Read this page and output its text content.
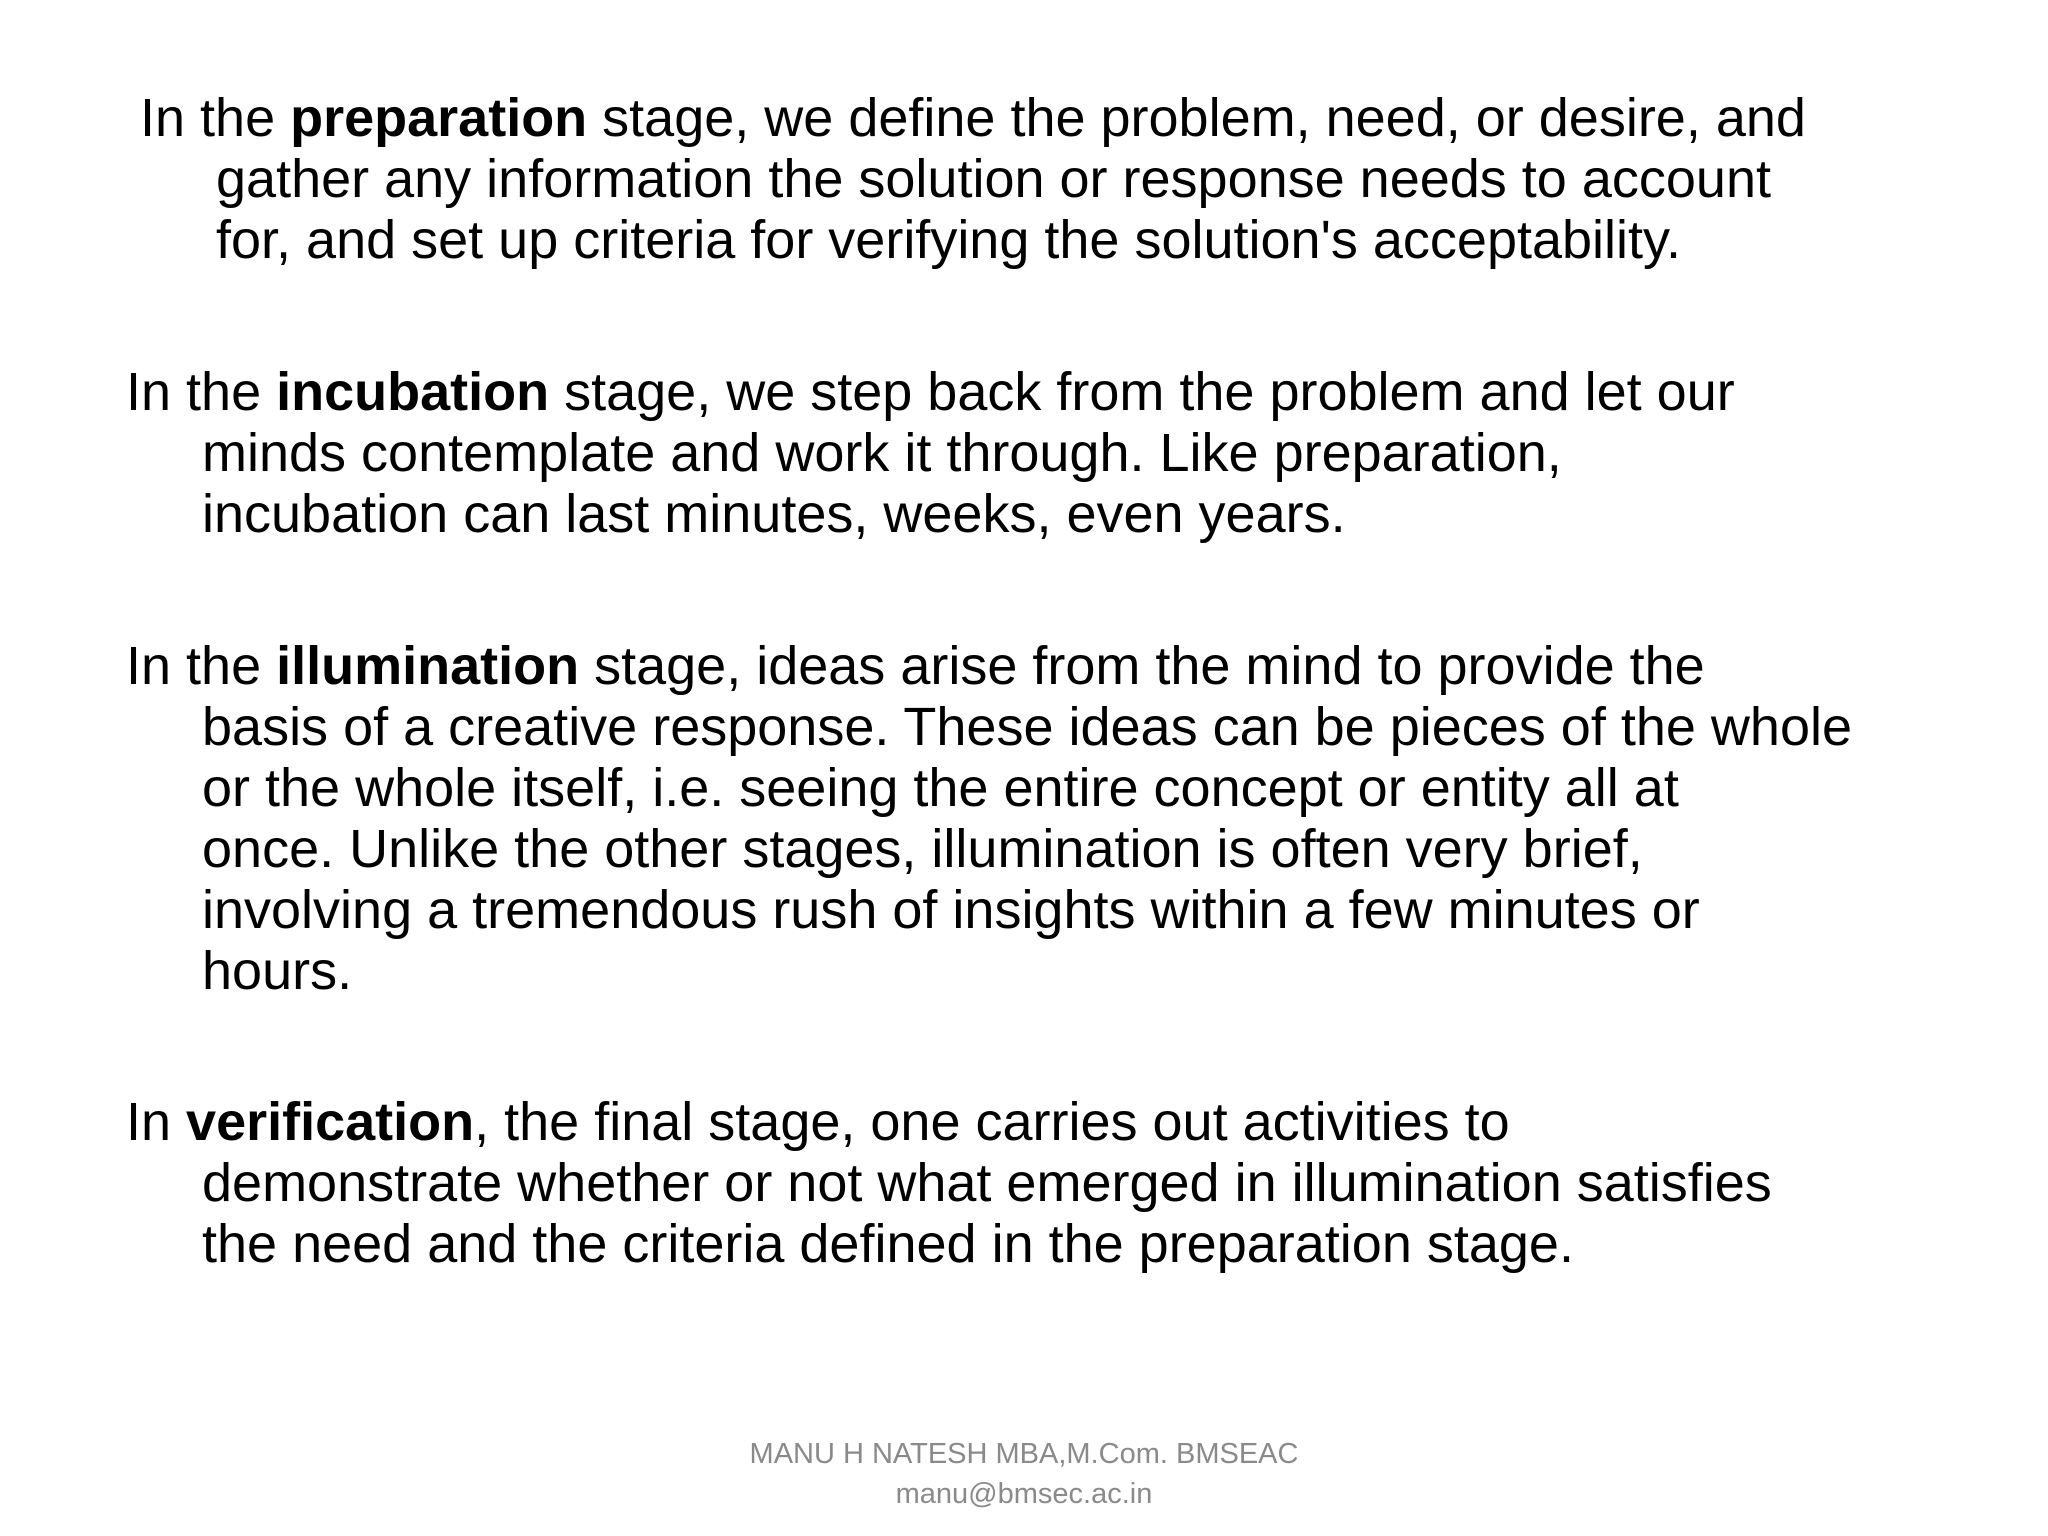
In the preparation stage, we define the problem, need, or desire, and
gather any information the solution or response needs to account
for, and set up criteria for verifying the solution's acceptability.

In the incubation stage, we step back from the problem and let our
minds contemplate and work it through. Like preparation,
incubation can last minutes, weeks, even years.

In the illumination stage, ideas arise from the mind to provide the
basis of a creative response. These ideas can be pieces of the whole
or the whole itself, i.e. seeing the entire concept or entity all at
once. Unlike the other stages, illumination is often very brief,
involving a tremendous rush of insights within a few minutes or
hours.

In verification, the final stage, one carries out activities to
demonstrate whether or not what emerged in illumination satisfies
the need and the criteria defined in the preparation stage.

MANU H NATESH MBA,M.Com. BMSEAC
manu@bmsec.ac.in
